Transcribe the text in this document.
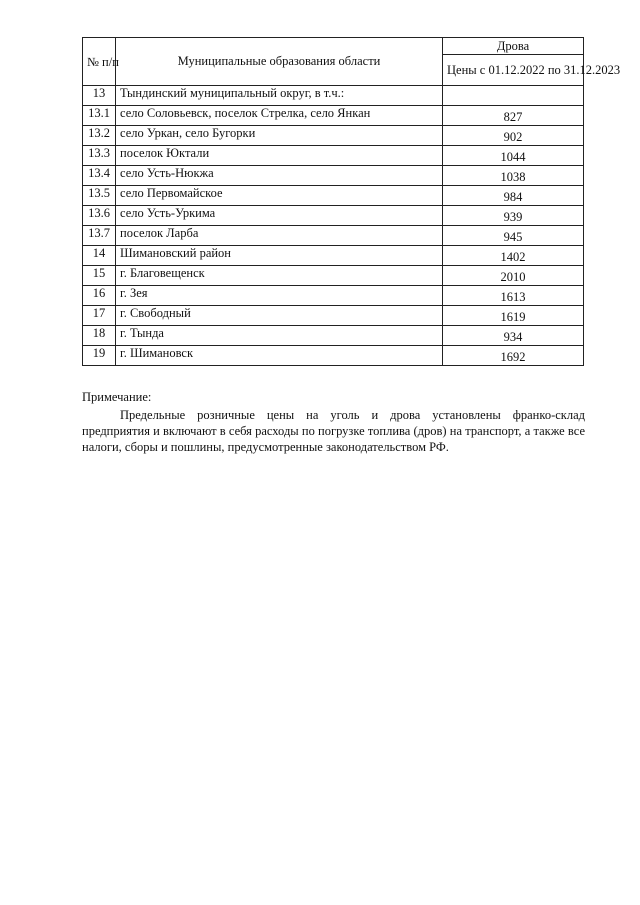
№ п/п	Муниципальные образования области	Дрова
		Цены с 01.12.2022 по 31.12.2023
13	Тындинский муниципальный округ, в т.ч.:	
13.1	село Соловьевск, поселок Стрелка, село Янкан	827
13.2	село Уркан, село Бугорки	902
13.3	поселок Юктали	1044
13.4	село Усть-Нюкжа	1038
13.5	село Первомайское	984
13.6	село Усть-Уркима	939
13.7	поселок Ларба	945
14	Шимановский район	1402
15	г. Благовещенск	2010
16	г. Зея	1613
17	г. Свободный	1619
18	г. Тында	934
19	г. Шимановск	1692

Примечание:

Предельные розничные цены на уголь и дрова установлены франко-склад предприятия и включают в себя расходы по погрузке топлива (дров) на транспорт, а также все налоги, сборы и пошлины, предусмотренные законодательством РФ.
